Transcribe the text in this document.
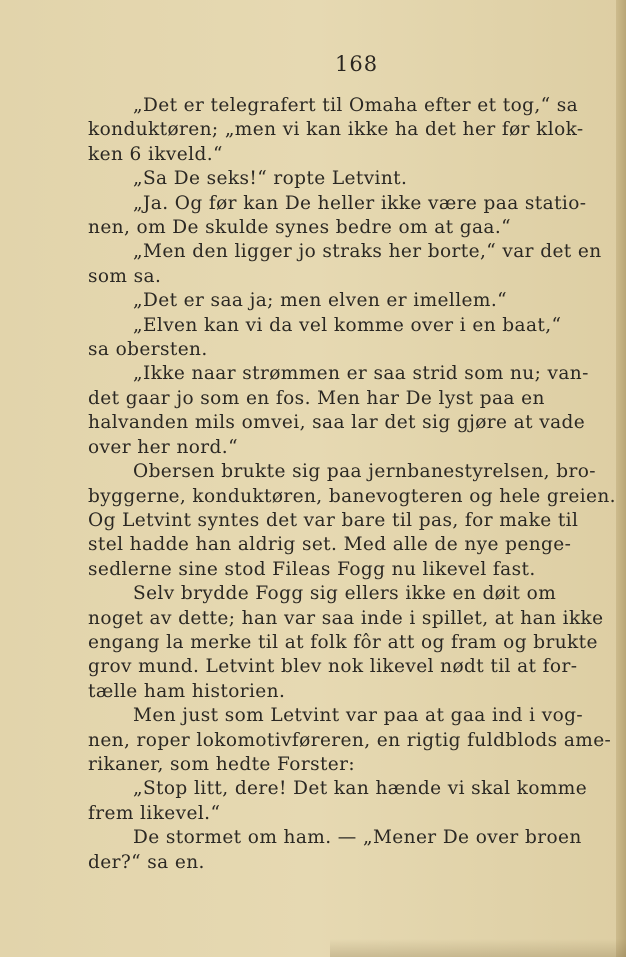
168

„Det er telegrafert til Omaha efter et tog,“ sa
konduktøren; „men vi kan ikke ha det her før klok-
ken 6 ikveld.“

„Sa De seks!“ ropte Letvint.

„Ja. Og før kan De heller ikke være paa statio-
nen, om De skulde synes bedre om at gaa.“

„Men den ligger jo straks her borte,“ var det en
som sa.

„Det er saa ja; men elven er imellem.“

„Elven kan vi da vel komme over i en baat,“
sa obersten.

„Ikke naar strømmen er saa strid som nu; van-
det gaar jo som en fos. Men har De lyst paa en
halvanden mils omvei, saa lar det sig gjøre at vade
over her nord.“

Obersen brukte sig paa jernbanestyrelsen, bro-
byggerne, konduktøren, banevogteren og hele greien.
Og Letvint syntes det var bare til pas, for make til
stel hadde han aldrig set. Med alle de nye penge-
sedlerne sine stod Fileas Fogg nu likevel fast.

Selv brydde Fogg sig ellers ikke en døit om
noget av dette; han var saa inde i spillet, at han ikke
engang la merke til at folk fôr att og fram og brukte
grov mund. Letvint blev nok likevel nødt til at for-
tælle ham historien.

Men just som Letvint var paa at gaa ind i vog-
nen, roper lokomotivføreren, en rigtig fuldblods ame-
rikaner, som hedte Forster:

„Stop litt, dere! Det kan hænde vi skal komme
frem likevel.“

De stormet om ham. — „Mener De over broen
der?“ sa en.
